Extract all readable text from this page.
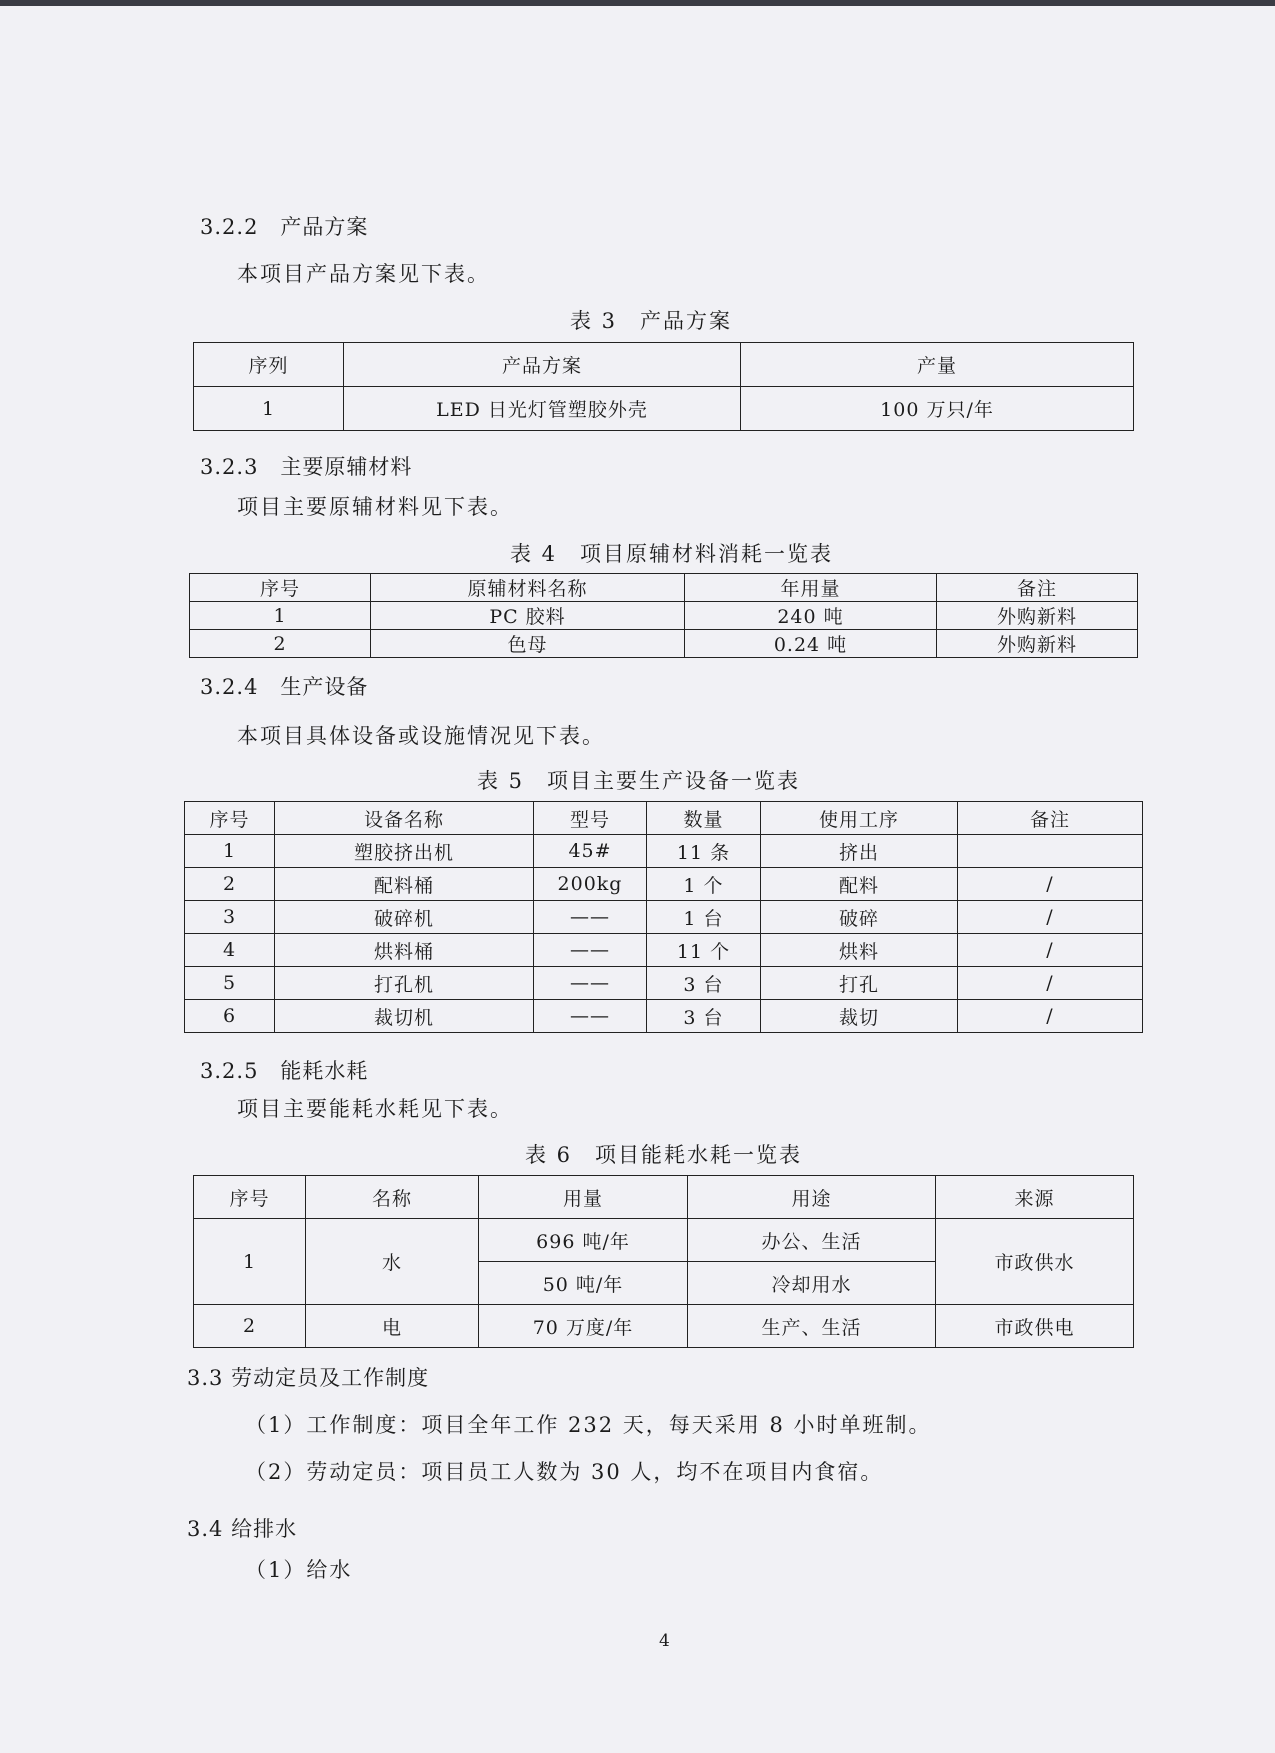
3.2.2　产品方案
本项目产品方案见下表。
表 3　产品方案
序列	产品方案	产量
1	LED 日光灯管塑胶外壳	100 万只/年
3.2.3　主要原辅材料
项目主要原辅材料见下表。
表 4　项目原辅材料消耗一览表
序号	原辅材料名称	年用量	备注
1	PC 胶料	240 吨	外购新料
2	色母	0.24 吨	外购新料
3.2.4　生产设备
本项目具体设备或设施情况见下表。
表 5　项目主要生产设备一览表
序号	设备名称	型号	数量	使用工序	备注
1	塑胶挤出机	45#	11 条	挤出	
2	配料桶	200kg	1 个	配料	/
3	破碎机	——	1 台	破碎	/
4	烘料桶	——	11 个	烘料	/
5	打孔机	——	3 台	打孔	/
6	裁切机	——	3 台	裁切	/
3.2.5　能耗水耗
项目主要能耗水耗见下表。
表 6　项目能耗水耗一览表
序号	名称	用量	用途	来源
1	水	696 吨/年	办公、生活	市政供水
		50 吨/年	冷却用水	
2	电	70 万度/年	生产、生活	市政供电
3.3 劳动定员及工作制度
（1）工作制度：项目全年工作 232 天，每天采用 8 小时单班制。
（2）劳动定员：项目员工人数为 30 人，均不在项目内食宿。
3.4 给排水
（1）给水
4
